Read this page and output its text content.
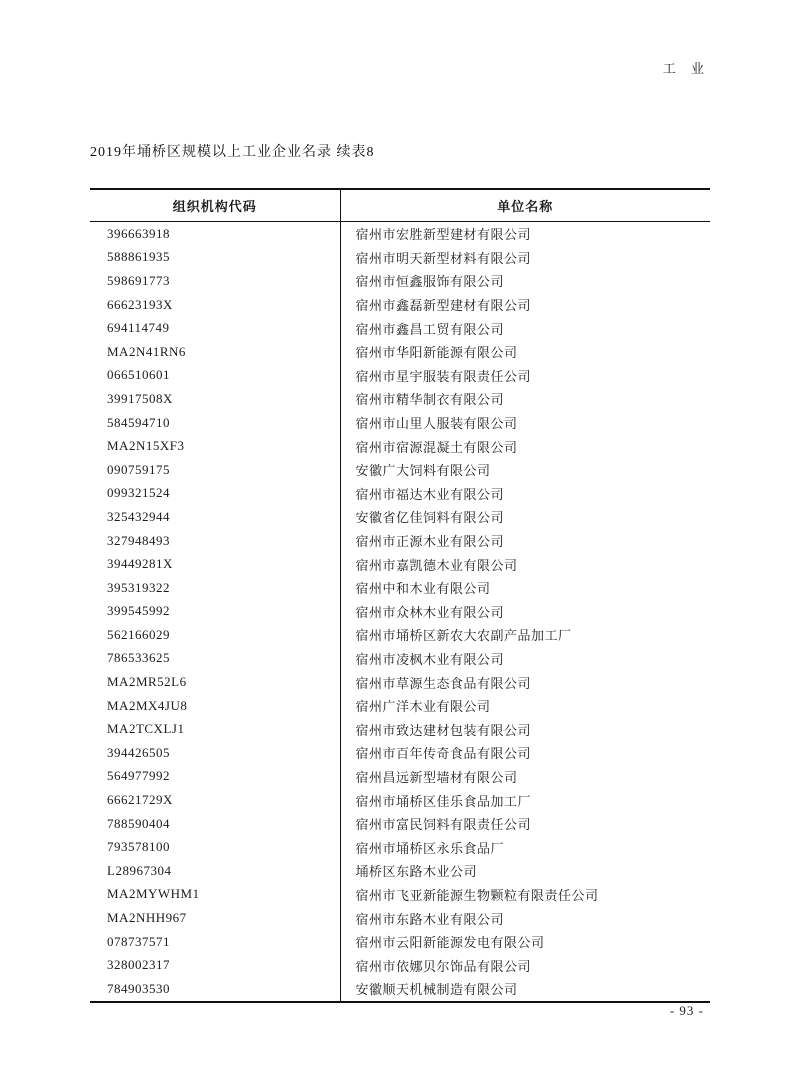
工 业
2019年埇桥区规模以上工业企业名录 续表8
组织机构代码	单位名称
396663918	宿州市宏胜新型建材有限公司
588861935	宿州市明天新型材料有限公司
598691773	宿州市恒鑫服饰有限公司
66623193X	宿州市鑫磊新型建材有限公司
694114749	宿州市鑫昌工贸有限公司
MA2N41RN6	宿州市华阳新能源有限公司
066510601	宿州市星宇服装有限责任公司
39917508X	宿州市精华制衣有限公司
584594710	宿州市山里人服装有限公司
MA2N15XF3	宿州市宿源混凝土有限公司
090759175	安徽广大饲料有限公司
099321524	宿州市福达木业有限公司
325432944	安徽省亿佳饲料有限公司
327948493	宿州市正源木业有限公司
39449281X	宿州市嘉凯德木业有限公司
395319322	宿州中和木业有限公司
399545992	宿州市众林木业有限公司
562166029	宿州市埇桥区新农大农副产品加工厂
786533625	宿州市凌枫木业有限公司
MA2MR52L6	宿州市草源生态食品有限公司
MA2MX4JU8	宿州广洋木业有限公司
MA2TCXLJ1	宿州市致达建材包装有限公司
394426505	宿州市百年传奇食品有限公司
564977992	宿州昌远新型墙材有限公司
66621729X	宿州市埇桥区佳乐食品加工厂
788590404	宿州市富民饲料有限责任公司
793578100	宿州市埇桥区永乐食品厂
L28967304	埇桥区东路木业公司
MA2MYWHM1	宿州市飞亚新能源生物颗粒有限责任公司
MA2NHH967	宿州市东路木业有限公司
078737571	宿州市云阳新能源发电有限公司
328002317	宿州市依娜贝尔饰品有限公司
784903530	安徽顺天机械制造有限公司
- 93 -
